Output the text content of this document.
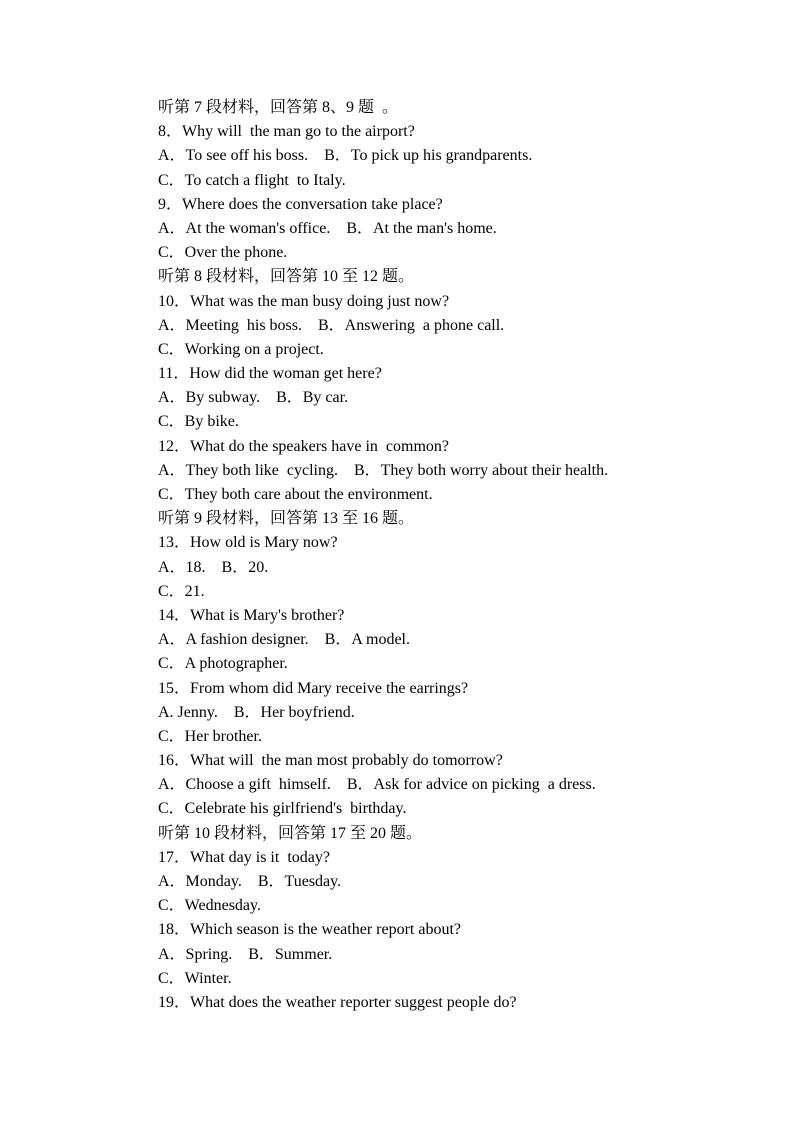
听第 7 段材料，回答第 8、9 题  。
8．Why will  the man go to the airport?
A．To see off his boss.    B．To pick up his grandparents.
C．To catch a flight  to Italy.
9．Where does the conversation take place?
A．At the woman's office.    B．At the man's home.
C．Over the phone.
听第 8 段材料，回答第 10 至 12 题。
10．What was the man busy doing just now?
A．Meeting  his boss.    B．Answering  a phone call.
C．Working on a project.
11．How did the woman get here?
A．By subway.    B．By car.
C．By bike.
12．What do the speakers have in  common?
A．They both like  cycling.    B．They both worry about their health.
C．They both care about the environment.
听第 9 段材料，回答第 13 至 16 题。
13．How old is Mary now?
A．18.    B．20.
C．21.
14．What is Mary's brother?
A．A fashion designer.    B．A model.
C．A photographer.
15．From whom did Mary receive the earrings?
A. Jenny.    B．Her boyfriend.
C．Her brother.
16．What will  the man most probably do tomorrow?
A．Choose a gift  himself.    B．Ask for advice on picking  a dress.
C．Celebrate his girlfriend's  birthday.
听第 10 段材料，回答第 17 至 20 题。
17．What day is it  today?
A．Monday.    B．Tuesday.
C．Wednesday.
18．Which season is the weather report about?
A．Spring.    B．Summer.
C．Winter.
19．What does the weather reporter suggest people do?
